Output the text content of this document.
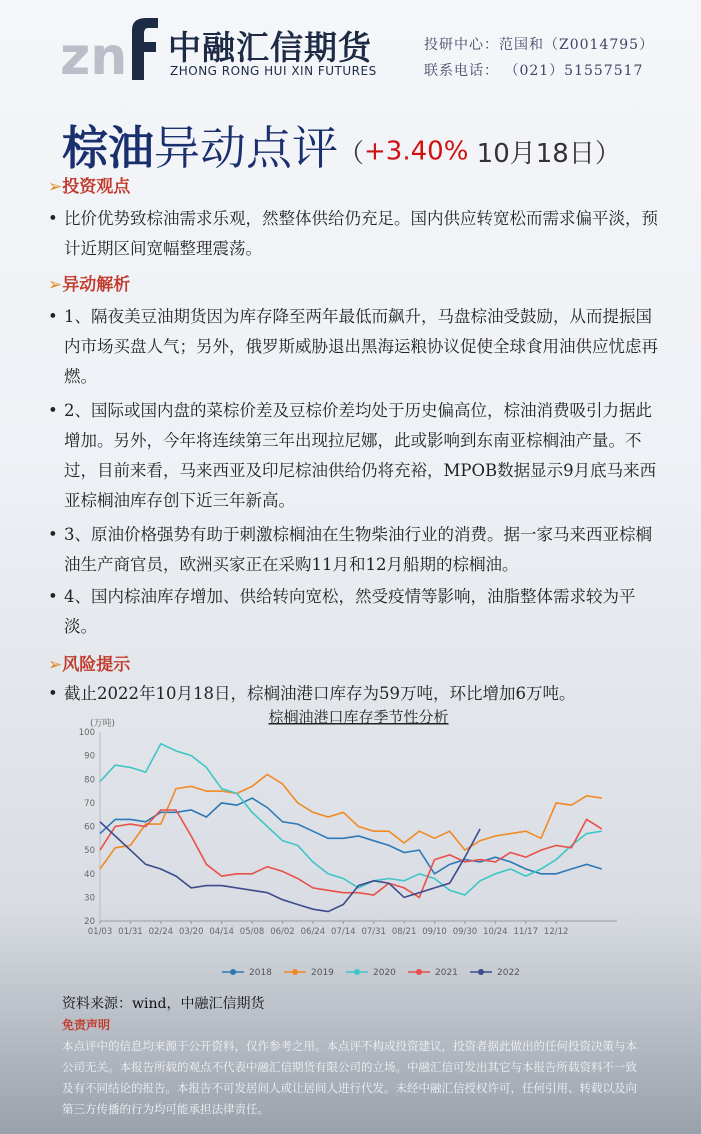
zn 中融汇信期货
ZHONG RONG HUI XIN FUTURES
投研中心：范国和（Z0014795）
联系电话： （021）51557517
棕油异动点评（+3.40% 10月18日）
➢投资观点
• 比价优势致棕油需求乐观，然整体供给仍充足。国内供应转宽松而需求偏平淡，预计近期区间宽幅整理震荡。
➢异动解析
• 1、隔夜美豆油期货因为库存降至两年最低而飙升，马盘棕油受鼓励，从而提振国内市场买盘人气；另外，俄罗斯威胁退出黑海运粮协议促使全球食用油供应忧虑再燃。
• 2、国际或国内盘的菜棕价差及豆棕价差均处于历史偏高位，棕油消费吸引力据此增加。另外，今年将连续第三年出现拉尼娜，此或影响到东南亚棕榈油产量。不过，目前来看，马来西亚及印尼棕油供给仍将充裕，MPOB数据显示9月底马来西亚棕榈油库存创下近三年新高。
• 3、原油价格强势有助于刺激棕榈油在生物柴油行业的消费。据一家马来西亚棕榈油生产商官员，欧洲买家正在采购11月和12月船期的棕榈油。
• 4、国内棕油库存增加、供给转向宽松，然受疫情等影响，油脂整体需求较为平淡。
➢风险提示
• 截止2022年10月18日，棕榈油港口库存为59万吨，环比增加6万吨。
棕榈油港口库存季节性分析
(万吨)
20
30
40
50
60
70
80
90
100
01/03 01/31 02/24 03/20 04/14 05/08 06/02 06/24 07/14 07/31 08/21 09/10 09/30 10/24 11/17 12/12
2018	2019	2020	2021	2022
资料来源：wind，中融汇信期货
免责声明
本点评中的信息均来源于公开资料，仅作参考之用。本点评不构成投资建议，投资者据此做出的任何投资决策与本公司无关。本报告所载的观点不代表中融汇信期货有限公司的立场。中融汇信可发出其它与本报告所载资料不一致及有不同结论的报告。本报告不可发居间人或让居间人进行代发。未经中融汇信授权许可，任何引用、转载以及向第三方传播的行为均可能承担法律责任。
